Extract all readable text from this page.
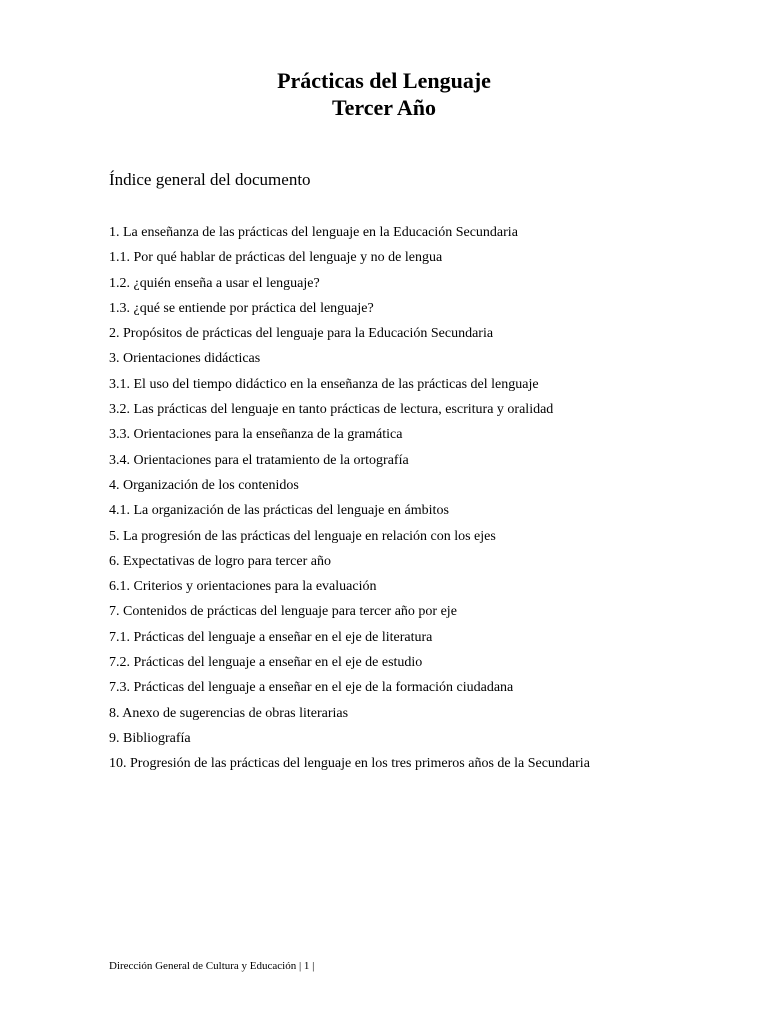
Prácticas del Lenguaje
Tercer Año
Índice general del documento
1. La enseñanza de las prácticas del lenguaje en la Educación Secundaria
1.1. Por qué hablar de prácticas del lenguaje y no de lengua
1.2. ¿quién enseña a usar el lenguaje?
1.3. ¿qué se entiende por práctica del lenguaje?
2. Propósitos de prácticas del lenguaje para la Educación Secundaria
3. Orientaciones didácticas
3.1. El uso del tiempo didáctico en la enseñanza de las prácticas del lenguaje
3.2. Las prácticas del lenguaje en tanto prácticas de lectura, escritura y oralidad
3.3. Orientaciones para la enseñanza de la gramática
3.4. Orientaciones para el tratamiento de la ortografía
4. Organización de los contenidos
4.1. La organización de las prácticas del lenguaje en ámbitos
5. La progresión de las prácticas del lenguaje en relación con los ejes
6. Expectativas de logro para tercer año
6.1. Criterios y orientaciones para la evaluación
7. Contenidos de prácticas del lenguaje para tercer año por eje
7.1. Prácticas del lenguaje a enseñar en el eje de literatura
7.2. Prácticas del lenguaje a enseñar en el eje de estudio
7.3. Prácticas del lenguaje a enseñar en el eje de la formación ciudadana
8. Anexo de sugerencias de obras literarias
9. Bibliografía
10. Progresión de las prácticas del lenguaje en los tres primeros años de la Secundaria
Dirección General de Cultura y Educación | 1 |
